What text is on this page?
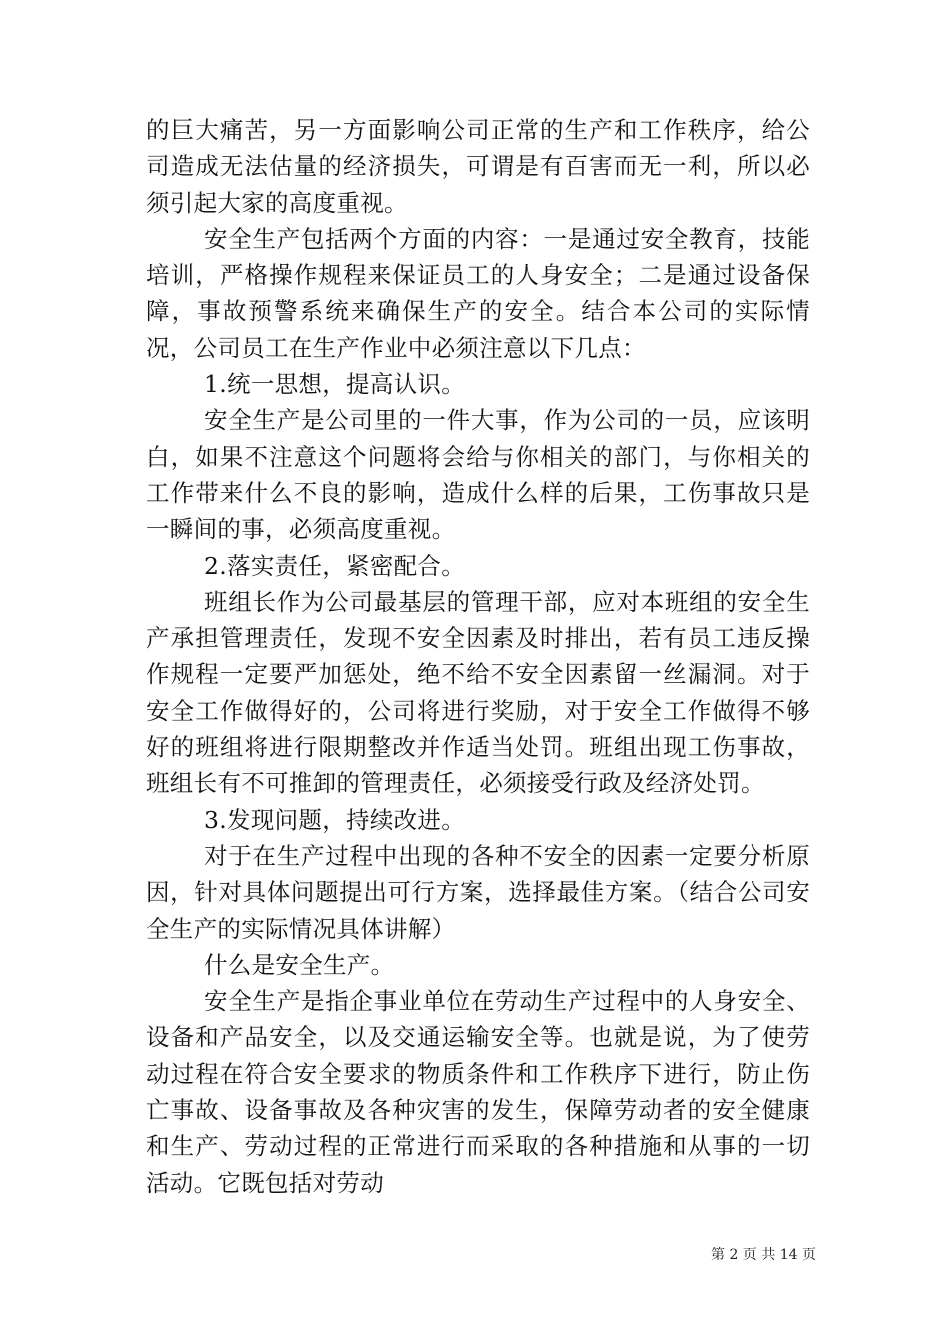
的巨大痛苦，另一方面影响公司正常的生产和工作秩序，给公司造成无法估量的经济损失，可谓是有百害而无一利，所以必须引起大家的高度重视。

安全生产包括两个方面的内容：一是通过安全教育，技能培训，严格操作规程来保证员工的人身安全；二是通过设备保障，事故预警系统来确保生产的安全。结合本公司的实际情况，公司员工在生产作业中必须注意以下几点：

1.统一思想，提高认识。

安全生产是公司里的一件大事，作为公司的一员，应该明白，如果不注意这个问题将会给与你相关的部门，与你相关的工作带来什么不良的影响，造成什么样的后果，工伤事故只是一瞬间的事，必须高度重视。

2.落实责任，紧密配合。

班组长作为公司最基层的管理干部，应对本班组的安全生产承担管理责任，发现不安全因素及时排出，若有员工违反操作规程一定要严加惩处，绝不给不安全因素留一丝漏洞。对于安全工作做得好的，公司将进行奖励，对于安全工作做得不够好的班组将进行限期整改并作适当处罚。班组出现工伤事故，班组长有不可推卸的管理责任，必须接受行政及经济处罚。

3.发现问题，持续改进。

对于在生产过程中出现的各种不安全的因素一定要分析原因，针对具体问题提出可行方案，选择最佳方案。（结合公司安全生产的实际情况具体讲解）

什么是安全生产。

安全生产是指企事业单位在劳动生产过程中的人身安全、设备和产品安全，以及交通运输安全等。也就是说，为了使劳动过程在符合安全要求的物质条件和工作秩序下进行，防止伤亡事故、设备事故及各种灾害的发生，保障劳动者的安全健康和生产、劳动过程的正常进行而采取的各种措施和从事的一切活动。它既包括对劳动

第 2 页 共 14 页
